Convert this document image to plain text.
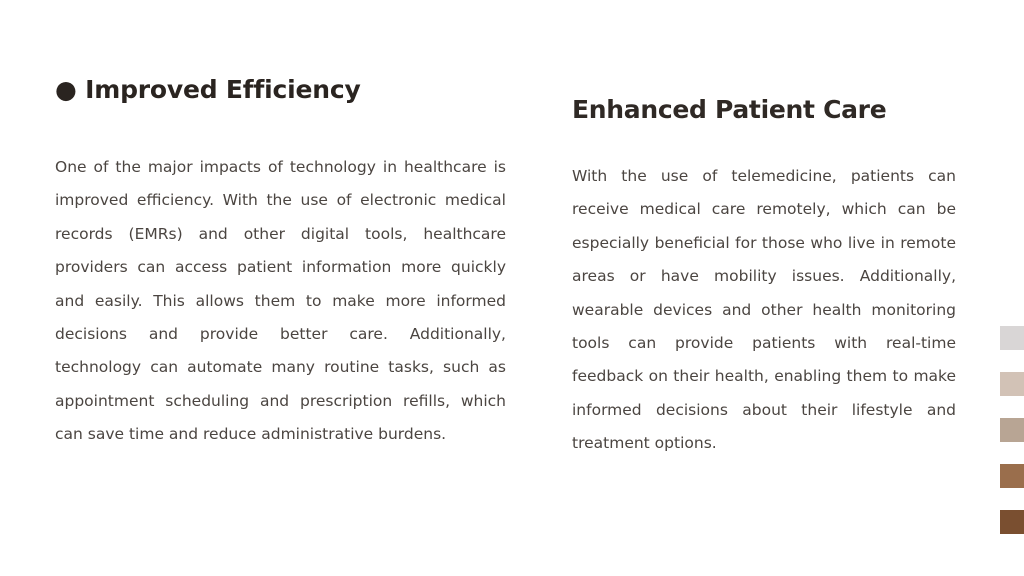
● Improved Efficiency

One of the major impacts of technology in healthcare is improved efficiency. With the use of electronic medical records (EMRs) and other digital tools, healthcare providers can access patient information more quickly and easily. This allows them to make more informed decisions and provide better care. Additionally, technology can automate many routine tasks, such as appointment scheduling and prescription refills, which can save time and reduce administrative burdens.

Enhanced Patient Care

With the use of telemedicine, patients can receive medical care remotely, which can be especially beneficial for those who live in remote areas or have mobility issues. Additionally, wearable devices and other health monitoring tools can provide patients with real-time feedback on their health, enabling them to make informed decisions about their lifestyle and treatment options.
